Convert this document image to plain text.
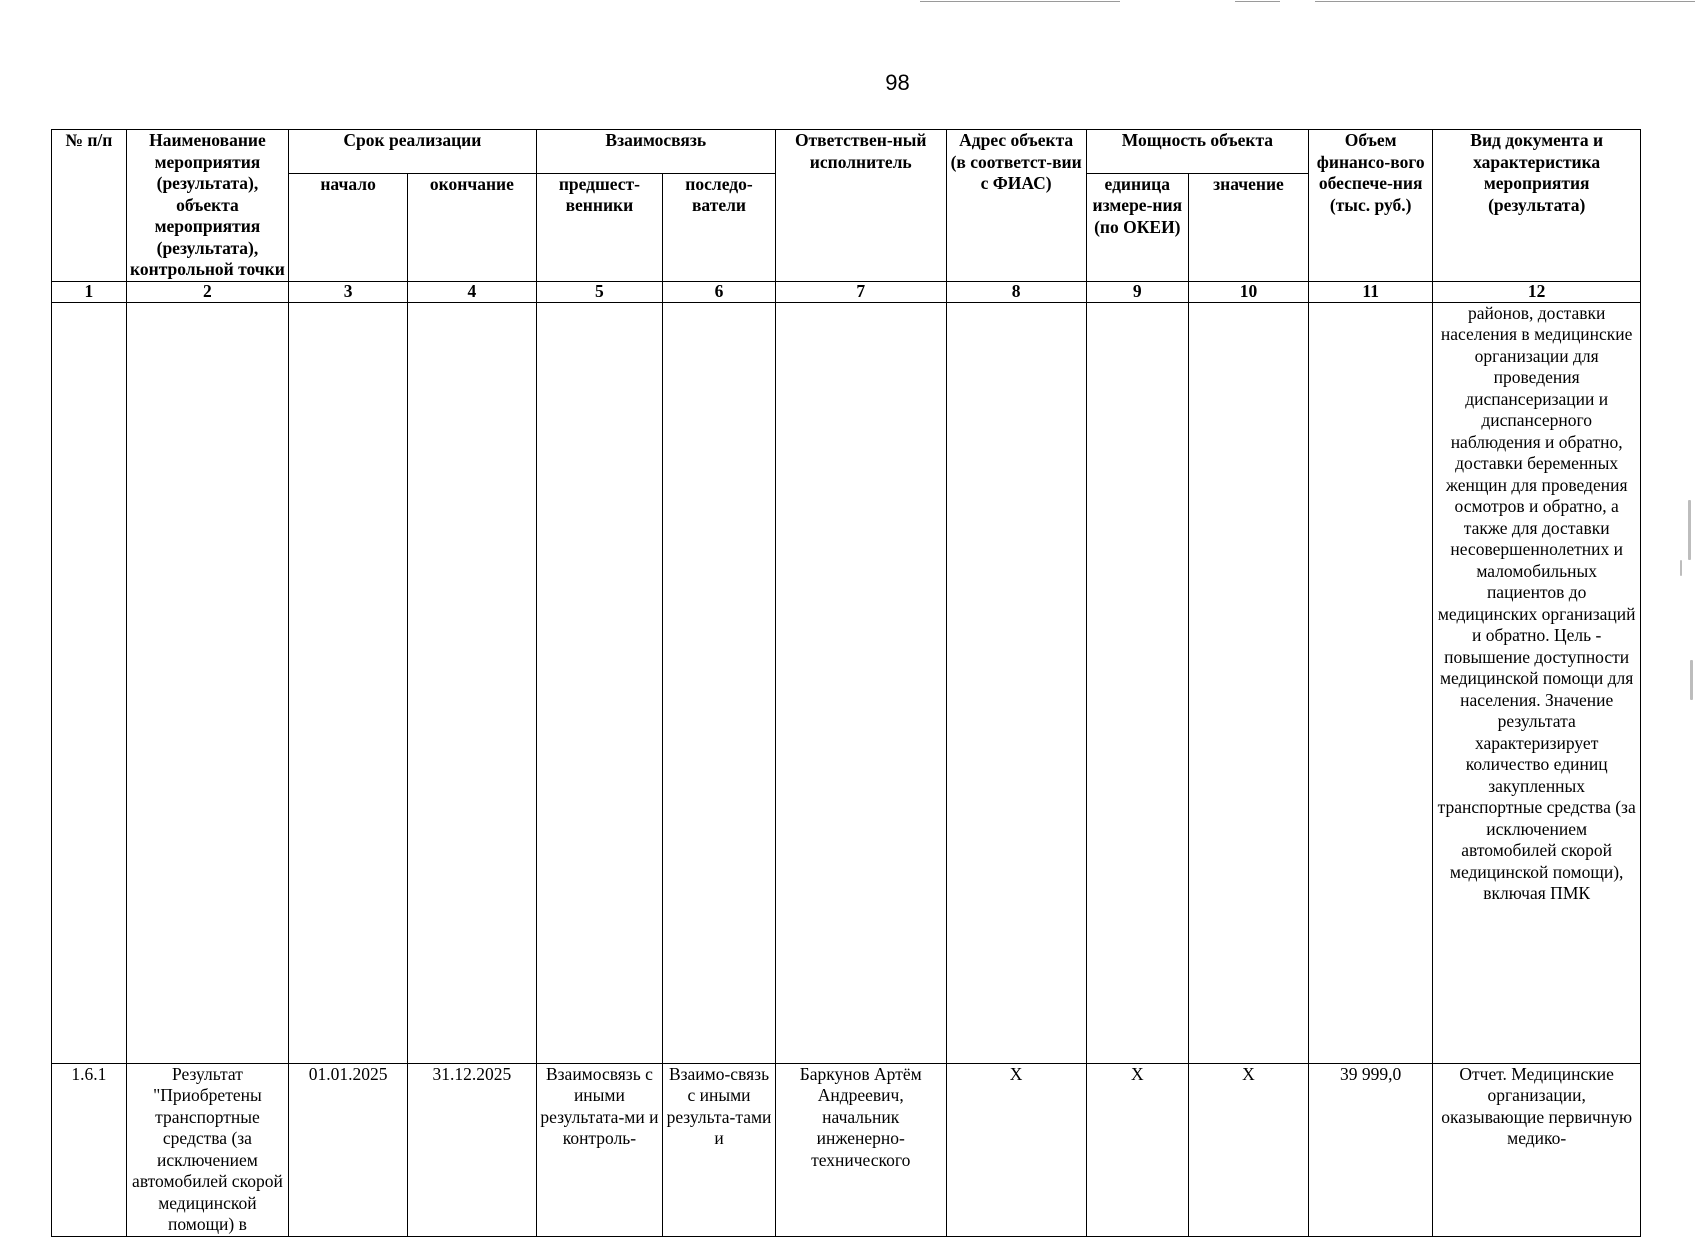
98
№ п/п	Наименование мероприятия (результата), объекта мероприятия (результата), контрольной точки	Срок реализации		Взаимосвязь		Ответствен-ный исполнитель	Адрес объекта (в соответст-вии с ФИАС)	Мощность объекта		Объем финансо-вого обеспече-ния (тыс. руб.)	Вид документа и характеристика мероприятия (результата)
		начало	окончание	предшест-венники	последо-ватели			единица измере-ния (по ОКЕИ)	значение		
1	2	3	4	5	6	7	8	9	10	11	12
											районов, доставки населения в медицинские организации для проведения диспансеризации и диспансерного наблюдения и обратно, доставки беременных женщин для проведения осмотров и обратно, а также для доставки несовершеннолетних и маломобильных пациентов до медицинских организаций и обратно. Цель - повышение доступности медицинской помощи для населения. Значение результата характеризирует количество единиц закупленных транспортные средства (за исключением автомобилей скорой медицинской помощи), включая ПМК
1.6.1	Результат "Приобретены транспортные средства (за исключением автомобилей скорой медицинской помощи) в	01.01.2025	31.12.2025	Взаимосвязь с иными результата-ми и контроль-	Взаимо-связь с иными результа-тами и	Баркунов Артём Андреевич, начальник инженерно-технического	X	X	X	39 999,0	Отчет. Медицинские организации, оказывающие первичную медико-
